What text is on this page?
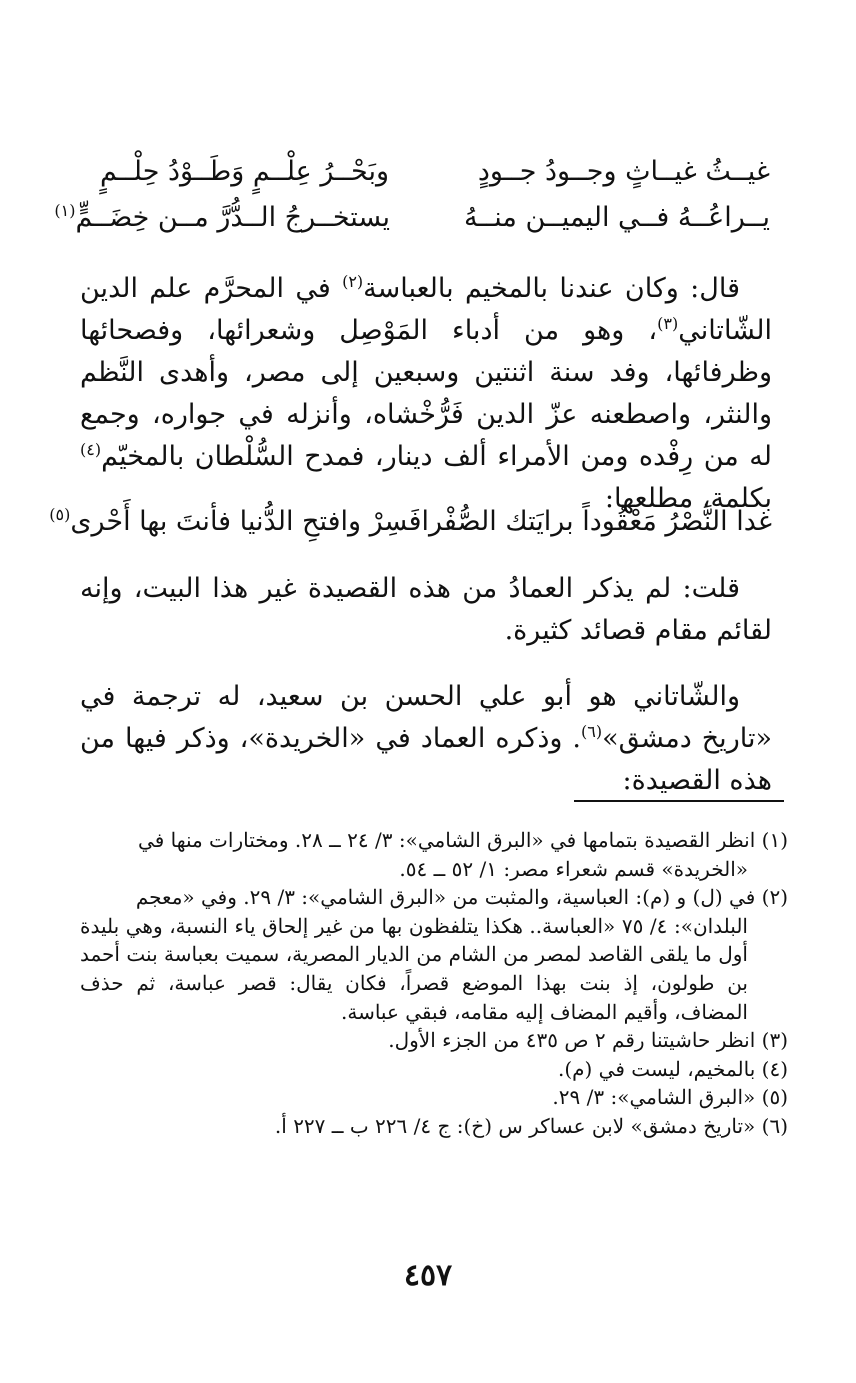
غيــثُ غيــاثٍ وجــودُ جــودٍ
وبَحْــرُ عِلْــمٍ وَطَــوْدُ حِلْــمٍ
يــراعُــهُ فــي اليميــن منــهُ
يستخــرجُ الــدُّرَّ مــن خِضَــمٍّ$^{(١)}$

قال: وكان عندنا بالمخيم بالعباسة$^{(٢)}$ في المحرَّم علم الدين الشّاتاني$^{(٣)}$، وهو من أدباء المَوْصِل وشعرائها، وفصحائها وظرفائها، وفد سنة اثنتين وسبعين إلى مصر، وأهدى النَّظم والنثر، واصطعنه عزّ الدين فَرُّخْشاه، وأنزله في جواره، وجمع له من رِفْده ومن الأمراء ألف دينار، فمدح السُّلْطان بالمخيّم$^{(٤)}$ بكلمة، مطلعها:

غدا النَّصْرُ مَعْقُوداً برايَتك الصُّفْرا
فَسِرْ وافتحِ الدُّنيا فأنتَ بها أَحْرى$^{(٥)}$

قلت: لم يذكر العمادُ من هذه القصيدة غير هذا البيت، وإنه لقائم مقام قصائد كثيرة.

والشّاتاني هو أبو علي الحسن بن سعيد، له ترجمة في «تاريخ دمشق»$^{(٦)}$. وذكره العماد في «الخريدة»، وذكر فيها من هذه القصيدة:

(١) انظر القصيدة بتمامها في «البرق الشامي»: ٣/ ٢٤ ــ ٢٨. ومختارات منها في
«الخريدة» قسم شعراء مصر: ١/ ٥٢ ــ ٥٤.
(٢) في (ل) و (م): العباسية، والمثبت من «البرق الشامي»: ٣/ ٢٩. وفي «معجم
البلدان»: ٤/ ٧٥ «العباسة.. هكذا يتلفظون بها من غير إلحاق ياء النسبة، وهي بليدة أول ما يلقى القاصد لمصر من الشام من الديار المصرية، سميت بعباسة بنت أحمد بن طولون، إذ بنت بهذا الموضع قصراً، فكان يقال: قصر عباسة، ثم حذف المضاف، وأقيم المضاف إليه مقامه، فبقي عباسة.
(٣) انظر حاشيتنا رقم ٢ ص ٤٣٥ من الجزء الأول.
(٤) بالمخيم، ليست في (م).
(٥) «البرق الشامي»: ٣/ ٢٩.
(٦) «تاريخ دمشق» لابن عساكر س (خ): ج ٤/ ٢٢٦ ب ــ ٢٢٧ أ.
٤٥٧
